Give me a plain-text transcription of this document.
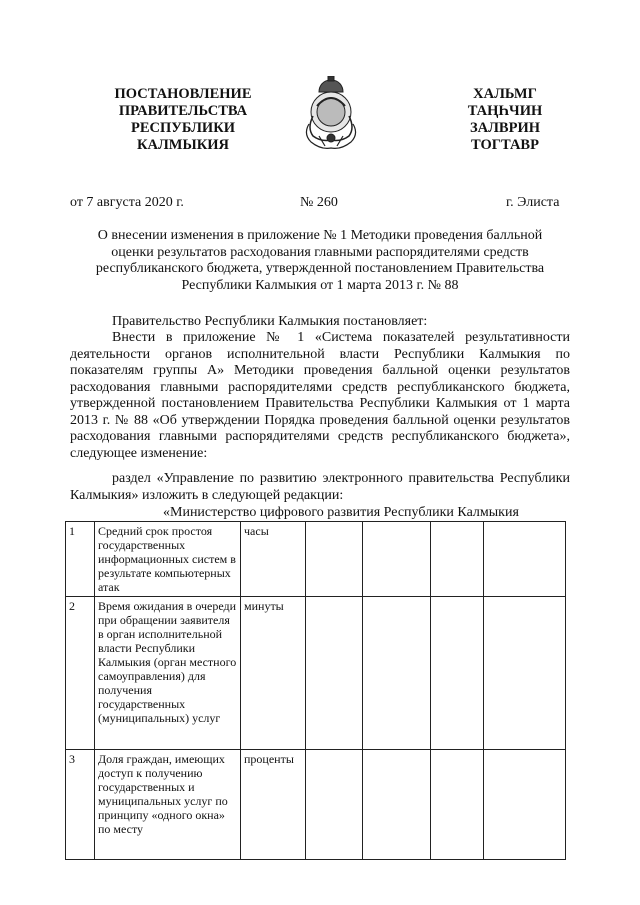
ПОСТАНОВЛЕНИЕ
ПРАВИТЕЛЬСТВА
РЕСПУБЛИКИ
КАЛМЫКИЯ
ХАЛЬМГ
ТАҢҺЧИН
ЗАЛВРИН
ТОГТАВР
от 7 августа 2020 г.	№ 260	г. Элиста
О внесении изменения в приложение № 1 Методики проведения балльной
оценки результатов расходования главными распорядителями средств
республиканского бюджета, утвержденной постановлением Правительства
Республики Калмыкия от 1 марта 2013 г. № 88
Правительство Республики Калмыкия постановляет:
Внести в приложение № 1 «Система показателей результативности деятельности органов исполнительной власти Республики Калмыкия по показателям группы А» Методики проведения балльной оценки результатов расходования главными распорядителями средств республиканского бюджета, утвержденной постановлением Правительства Республики Калмыкия от 1 марта 2013 г. № 88 «Об утверждении Порядка проведения балльной оценки результатов расходования главными распорядителями средств республиканского бюджета», следующее изменение:
раздел «Управление по развитию электронного правительства Республики Калмыкия» изложить в следующей редакции:
«Министерство цифрового развития Республики Калмыкия
1	Средний срок простоя государственных информационных систем в результате компьютерных атак	часы				
2	Время ожидания в очереди при обращении заявителя в орган исполнительной власти Республики Калмыкия (орган местного самоуправления) для получения государственных (муниципальных) услуг	минуты				
3	Доля граждан, имеющих доступ к получению государственных и муниципальных услуг по принципу «одного окна» по месту	проценты				
